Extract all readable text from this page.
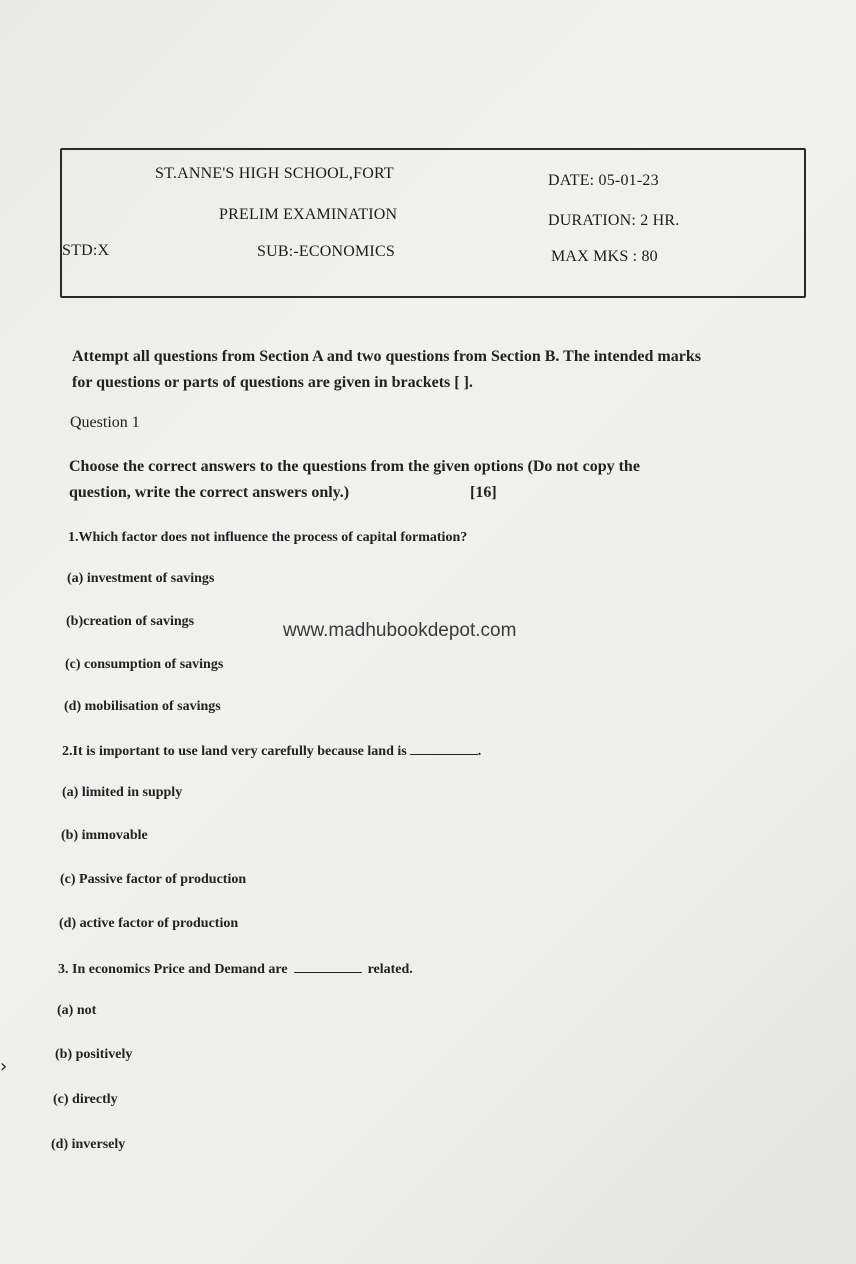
ST.ANNE'S HIGH SCHOOL,FORT
PRELIM EXAMINATION
SUB:-ECONOMICS
STD:X
DATE: 05-01-23
DURATION: 2 HR.
MAX MKS : 80
Attempt all questions from Section A and two questions from Section B. The intended marks
for questions or parts of questions are given in brackets [ ].
Question 1
Choose the correct answers to the questions from the given options (Do not copy the
question, write the correct answers only.)	[16]
1.Which factor does not influence the process of capital formation?
(a) investment of savings
(b)creation of savings
(c) consumption of savings
(d) mobilisation of savings
2.It is important to use land very carefully because land is	.
(a) limited in supply
(b) immovable
(c) Passive factor of production
(d) active factor of production
3. In economics Price and Demand are	related.
(a) not
(b) positively
(c) directly
(d) inversely
www.madhubookdepot.com
›
